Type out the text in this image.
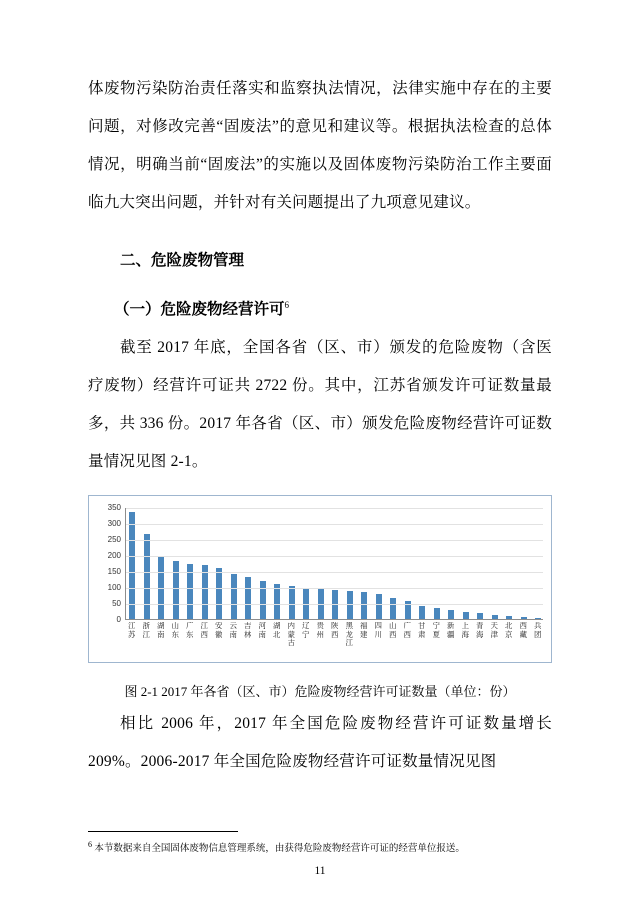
体废物污染防治责任落实和监察执法情况，法律实施中存在的主要问题，对修改完善“固废法”的意见和建议等。根据执法检查的总体情况，明确当前“固废法”的实施以及固体废物污染防治工作主要面临九大突出问题，并针对有关问题提出了九项意见建议。

二、危险废物管理
（一）危险废物经营许可$^6$

截至 2017 年底，全国各省（区、市）颁发的危险废物（含医疗废物）经营许可证共 2722 份。其中，江苏省颁发许可证数量最多，共 336 份。2017 年各省（区、市）颁发危险废物经营许可证数量情况见图 2-1。

0
50
100
150
200
250
300
350
江苏
浙江
湖南
山东
广东
江西
安徽
云南
吉林
河南
湖北
内蒙古
辽宁
贵州
陕西
黑龙江
福建
四川
山西
广西
甘肃
宁夏
新疆
上海
青海
天津
北京
西藏
兵团

图 2-1 2017 年各省（区、市）危险废物经营许可证数量（单位：份）

相比 2006 年，2017 年全国危险废物经营许可证数量增长209%。2006-2017 年全国危险废物经营许可证数量情况见图

$^6$ 本节数据来自全国固体废物信息管理系统，由获得危险废物经营许可证的经营单位报送。
11
